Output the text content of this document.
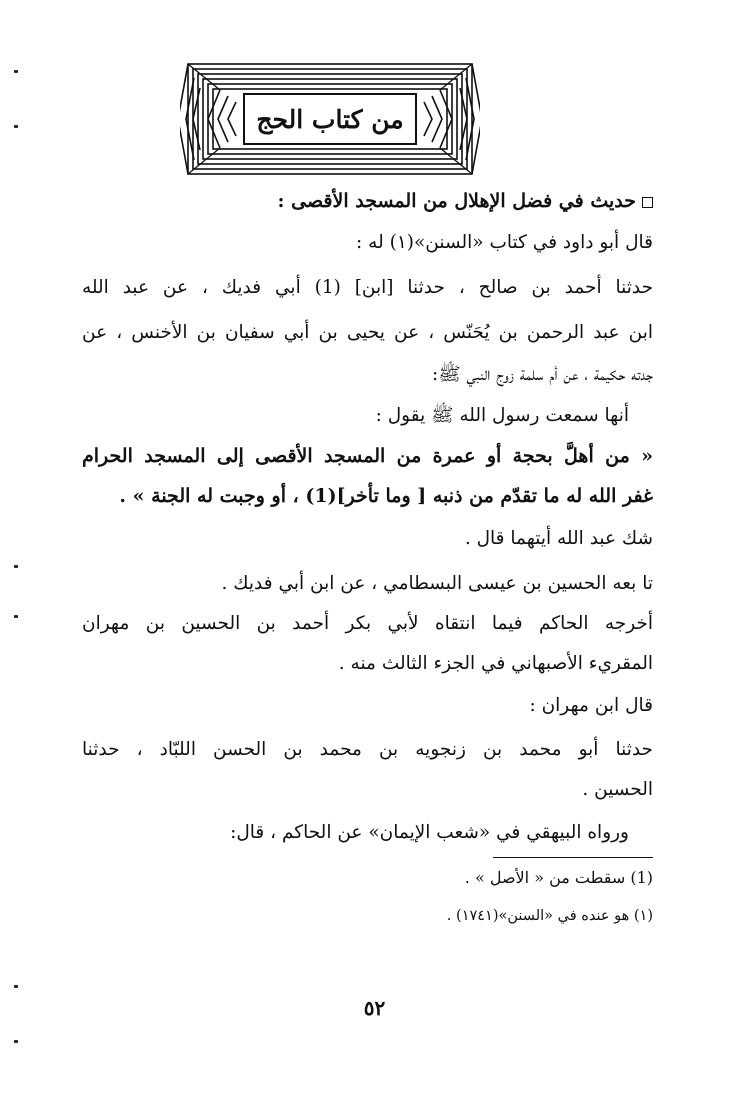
من كتاب الحج
حديث في فضل الإهلال من المسجد الأقصى :
قال أبو داود في كتاب «السنن»(١) له :
حدثنا أحمد بن صالح ، حدثنا [ابن] (1) أبي فديك ، عن عبد الله
ابن عبد الرحمن بن يُحَنّس ، عن يحيى بن أبي سفيان بن الأخنس ، عن
جدته حكيمة ، عن أم سلمة زوج النبي ﷺ:
أنها سمعت رسول الله ﷺ يقول :
« من أهلَّ بحجة أو عمرة من المسجد الأقصى إلى المسجد الحرام
غفر الله له ما تقدّم من ذنبه [ وما تأخر](1) ، أو وجبت له الجنة » .
شك عبد الله أيتهما قال .
تا بعه الحسين بن عيسى البسطامي ، عن ابن أبي فديك .
أخرجه الحاكم فيما انتقاه لأبي بكر أحمد بن الحسين بن مهران
المقريء الأصبهاني في الجزء الثالث منه .
قال ابن مهران :
حدثنا أبو محمد بن زنجويه بن محمد بن الحسن اللبّاد ، حدثنا
الحسين .
ورواه البيهقي في «شعب الإيمان» عن الحاكم ، قال:
(1) سقطت من « الأصل » .
(١) هو عنده في «السنن»(١٧٤١) .
٥٢
